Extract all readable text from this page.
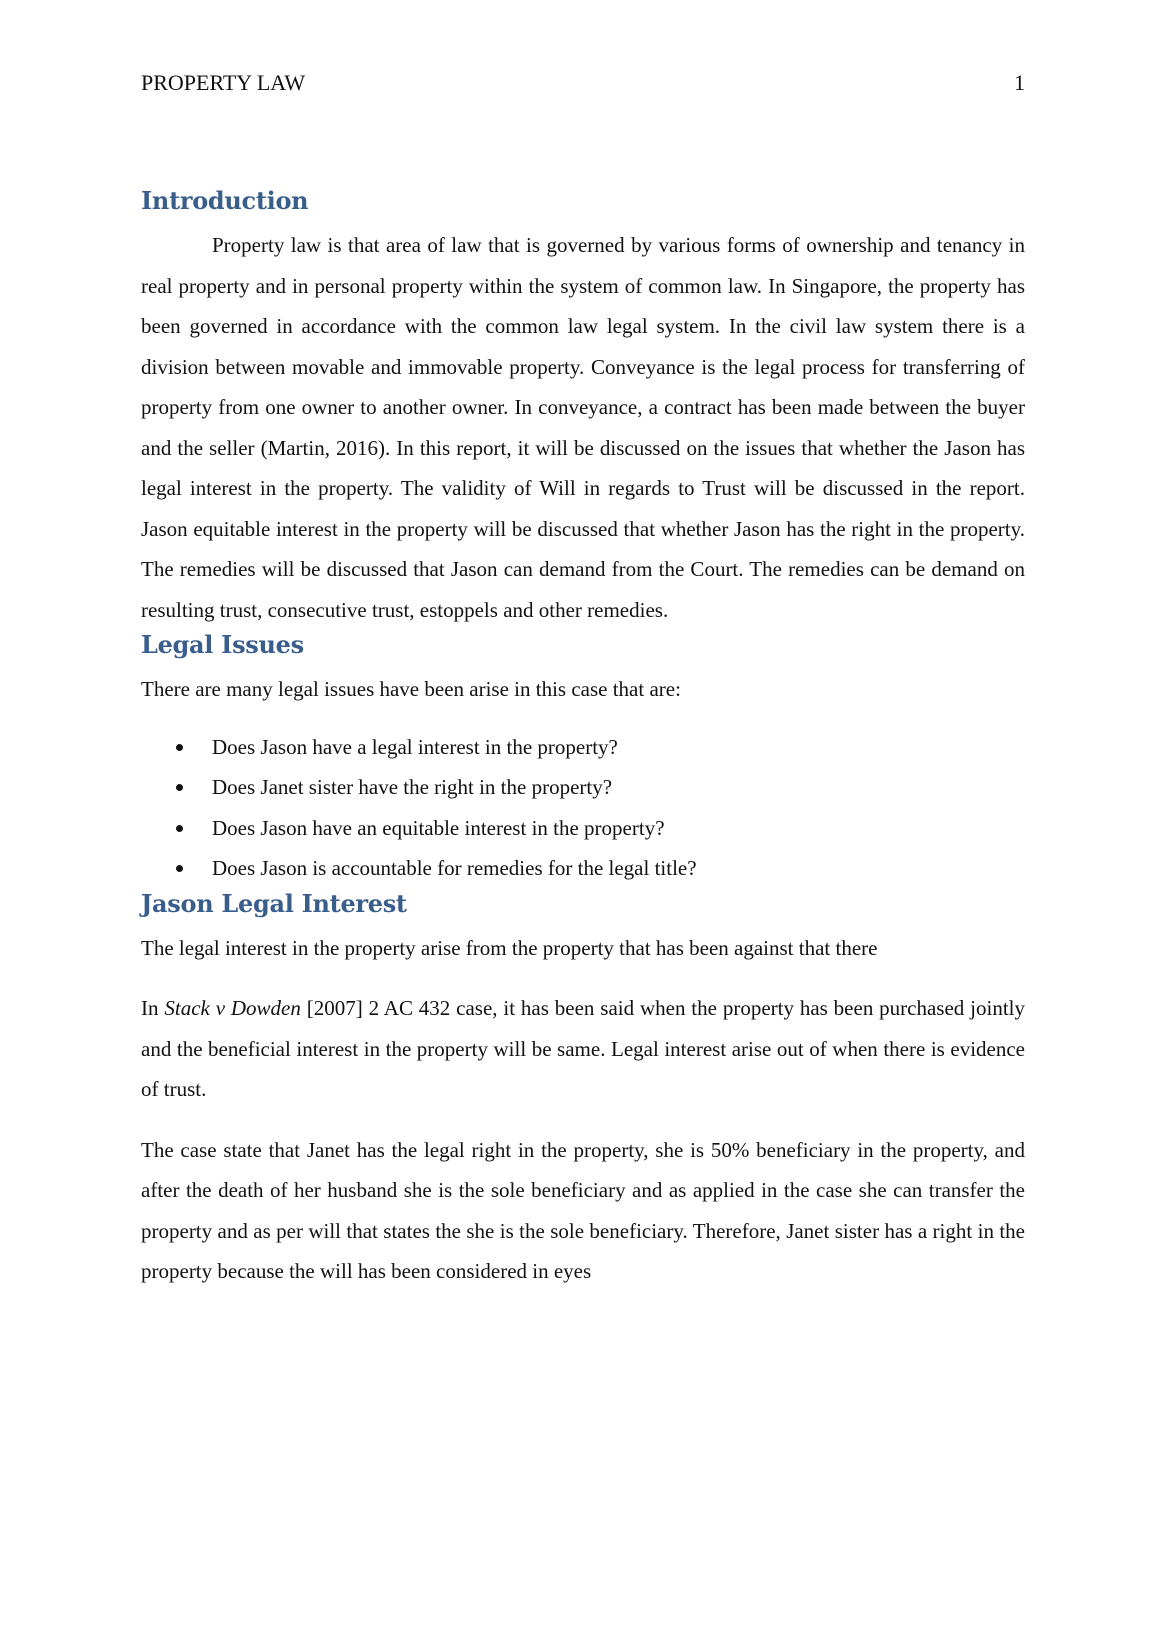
PROPERTY LAW	1
Introduction

Property law is that area of law that is governed by various forms of ownership and tenancy in real property and in personal property within the system of common law. In Singapore, the property has been governed in accordance with the common law legal system. In the civil law system there is a division between movable and immovable property. Conveyance is the legal process for transferring of property from one owner to another owner. In conveyance, a contract has been made between the buyer and the seller (Martin, 2016). In this report, it will be discussed on the issues that whether the Jason has legal interest in the property. The validity of Will in regards to Trust will be discussed in the report. Jason equitable interest in the property will be discussed that whether Jason has the right in the property. The remedies will be discussed that Jason can demand from the Court. The remedies can be demand on resulting trust, consecutive trust, estoppels and other remedies.

Legal Issues

There are many legal issues have been arise in this case that are:

Does Jason have a legal interest in the property?
Does Janet sister have the right in the property?
Does Jason have an equitable interest in the property?
Does Jason is accountable for remedies for the legal title?
Jason Legal Interest

The legal interest in the property arise from the property that has been against that there

In Stack v Dowden [2007] 2 AC 432 case, it has been said when the property has been purchased jointly and the beneficial interest in the property will be same. Legal interest arise out of when there is evidence of trust.

The case state that Janet has the legal right in the property, she is 50% beneficiary in the property, and after the death of her husband she is the sole beneficiary and as applied in the case she can transfer the property and as per will that states the she is the sole beneficiary. Therefore, Janet sister has a right in the property because the will has been considered in eyes
